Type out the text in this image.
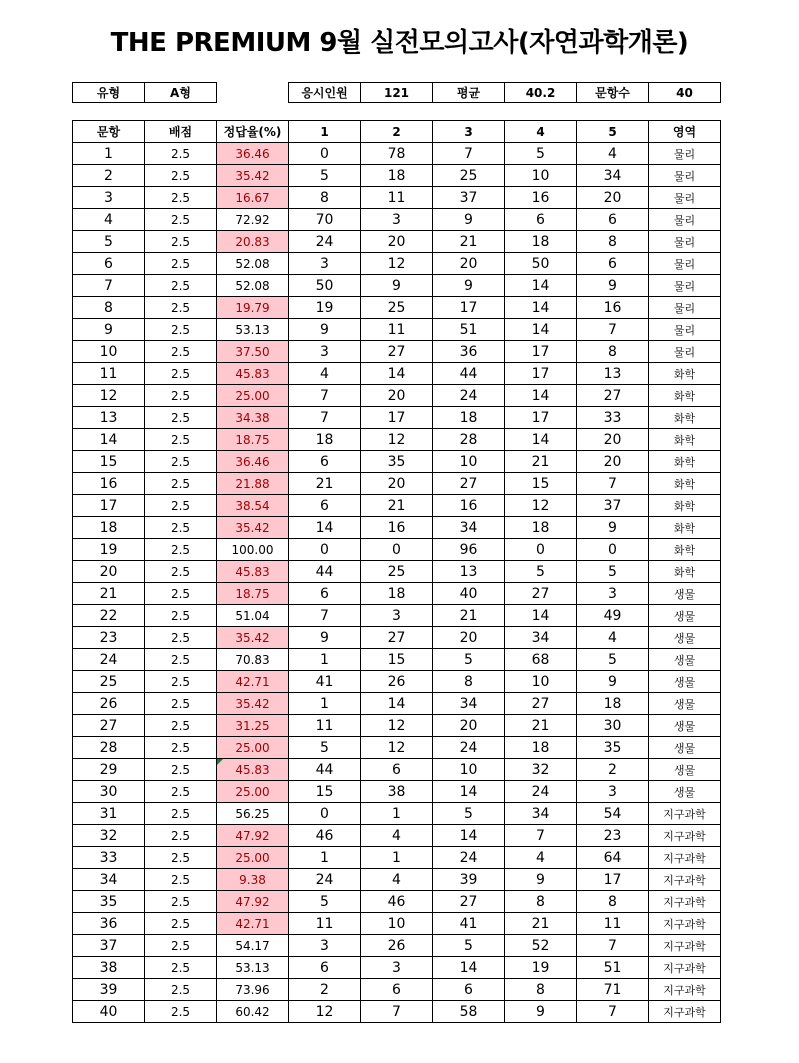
THE PREMIUM 9월 실전모의고사(자연과학개론)
유형	A형		응시인원	121	평균	40.2	문항수	40
문항	배점	정답율(%)	1	2	3	4	5	영역
1	2.5	36.46	0	78	7	5	4	물리
2	2.5	35.42	5	18	25	10	34	물리
3	2.5	16.67	8	11	37	16	20	물리
4	2.5	72.92	70	3	9	6	6	물리
5	2.5	20.83	24	20	21	18	8	물리
6	2.5	52.08	3	12	20	50	6	물리
7	2.5	52.08	50	9	9	14	9	물리
8	2.5	19.79	19	25	17	14	16	물리
9	2.5	53.13	9	11	51	14	7	물리
10	2.5	37.50	3	27	36	17	8	물리
11	2.5	45.83	4	14	44	17	13	화학
12	2.5	25.00	7	20	24	14	27	화학
13	2.5	34.38	7	17	18	17	33	화학
14	2.5	18.75	18	12	28	14	20	화학
15	2.5	36.46	6	35	10	21	20	화학
16	2.5	21.88	21	20	27	15	7	화학
17	2.5	38.54	6	21	16	12	37	화학
18	2.5	35.42	14	16	34	18	9	화학
19	2.5	100.00	0	0	96	0	0	화학
20	2.5	45.83	44	25	13	5	5	화학
21	2.5	18.75	6	18	40	27	3	생물
22	2.5	51.04	7	3	21	14	49	생물
23	2.5	35.42	9	27	20	34	4	생물
24	2.5	70.83	1	15	5	68	5	생물
25	2.5	42.71	41	26	8	10	9	생물
26	2.5	35.42	1	14	34	27	18	생물
27	2.5	31.25	11	12	20	21	30	생물
28	2.5	25.00	5	12	24	18	35	생물
29	2.5	45.83	44	6	10	32	2	생물
30	2.5	25.00	15	38	14	24	3	생물
31	2.5	56.25	0	1	5	34	54	지구과학
32	2.5	47.92	46	4	14	7	23	지구과학
33	2.5	25.00	1	1	24	4	64	지구과학
34	2.5	9.38	24	4	39	9	17	지구과학
35	2.5	47.92	5	46	27	8	8	지구과학
36	2.5	42.71	11	10	41	21	11	지구과학
37	2.5	54.17	3	26	5	52	7	지구과학
38	2.5	53.13	6	3	14	19	51	지구과학
39	2.5	73.96	2	6	6	8	71	지구과학
40	2.5	60.42	12	7	58	9	7	지구과학
